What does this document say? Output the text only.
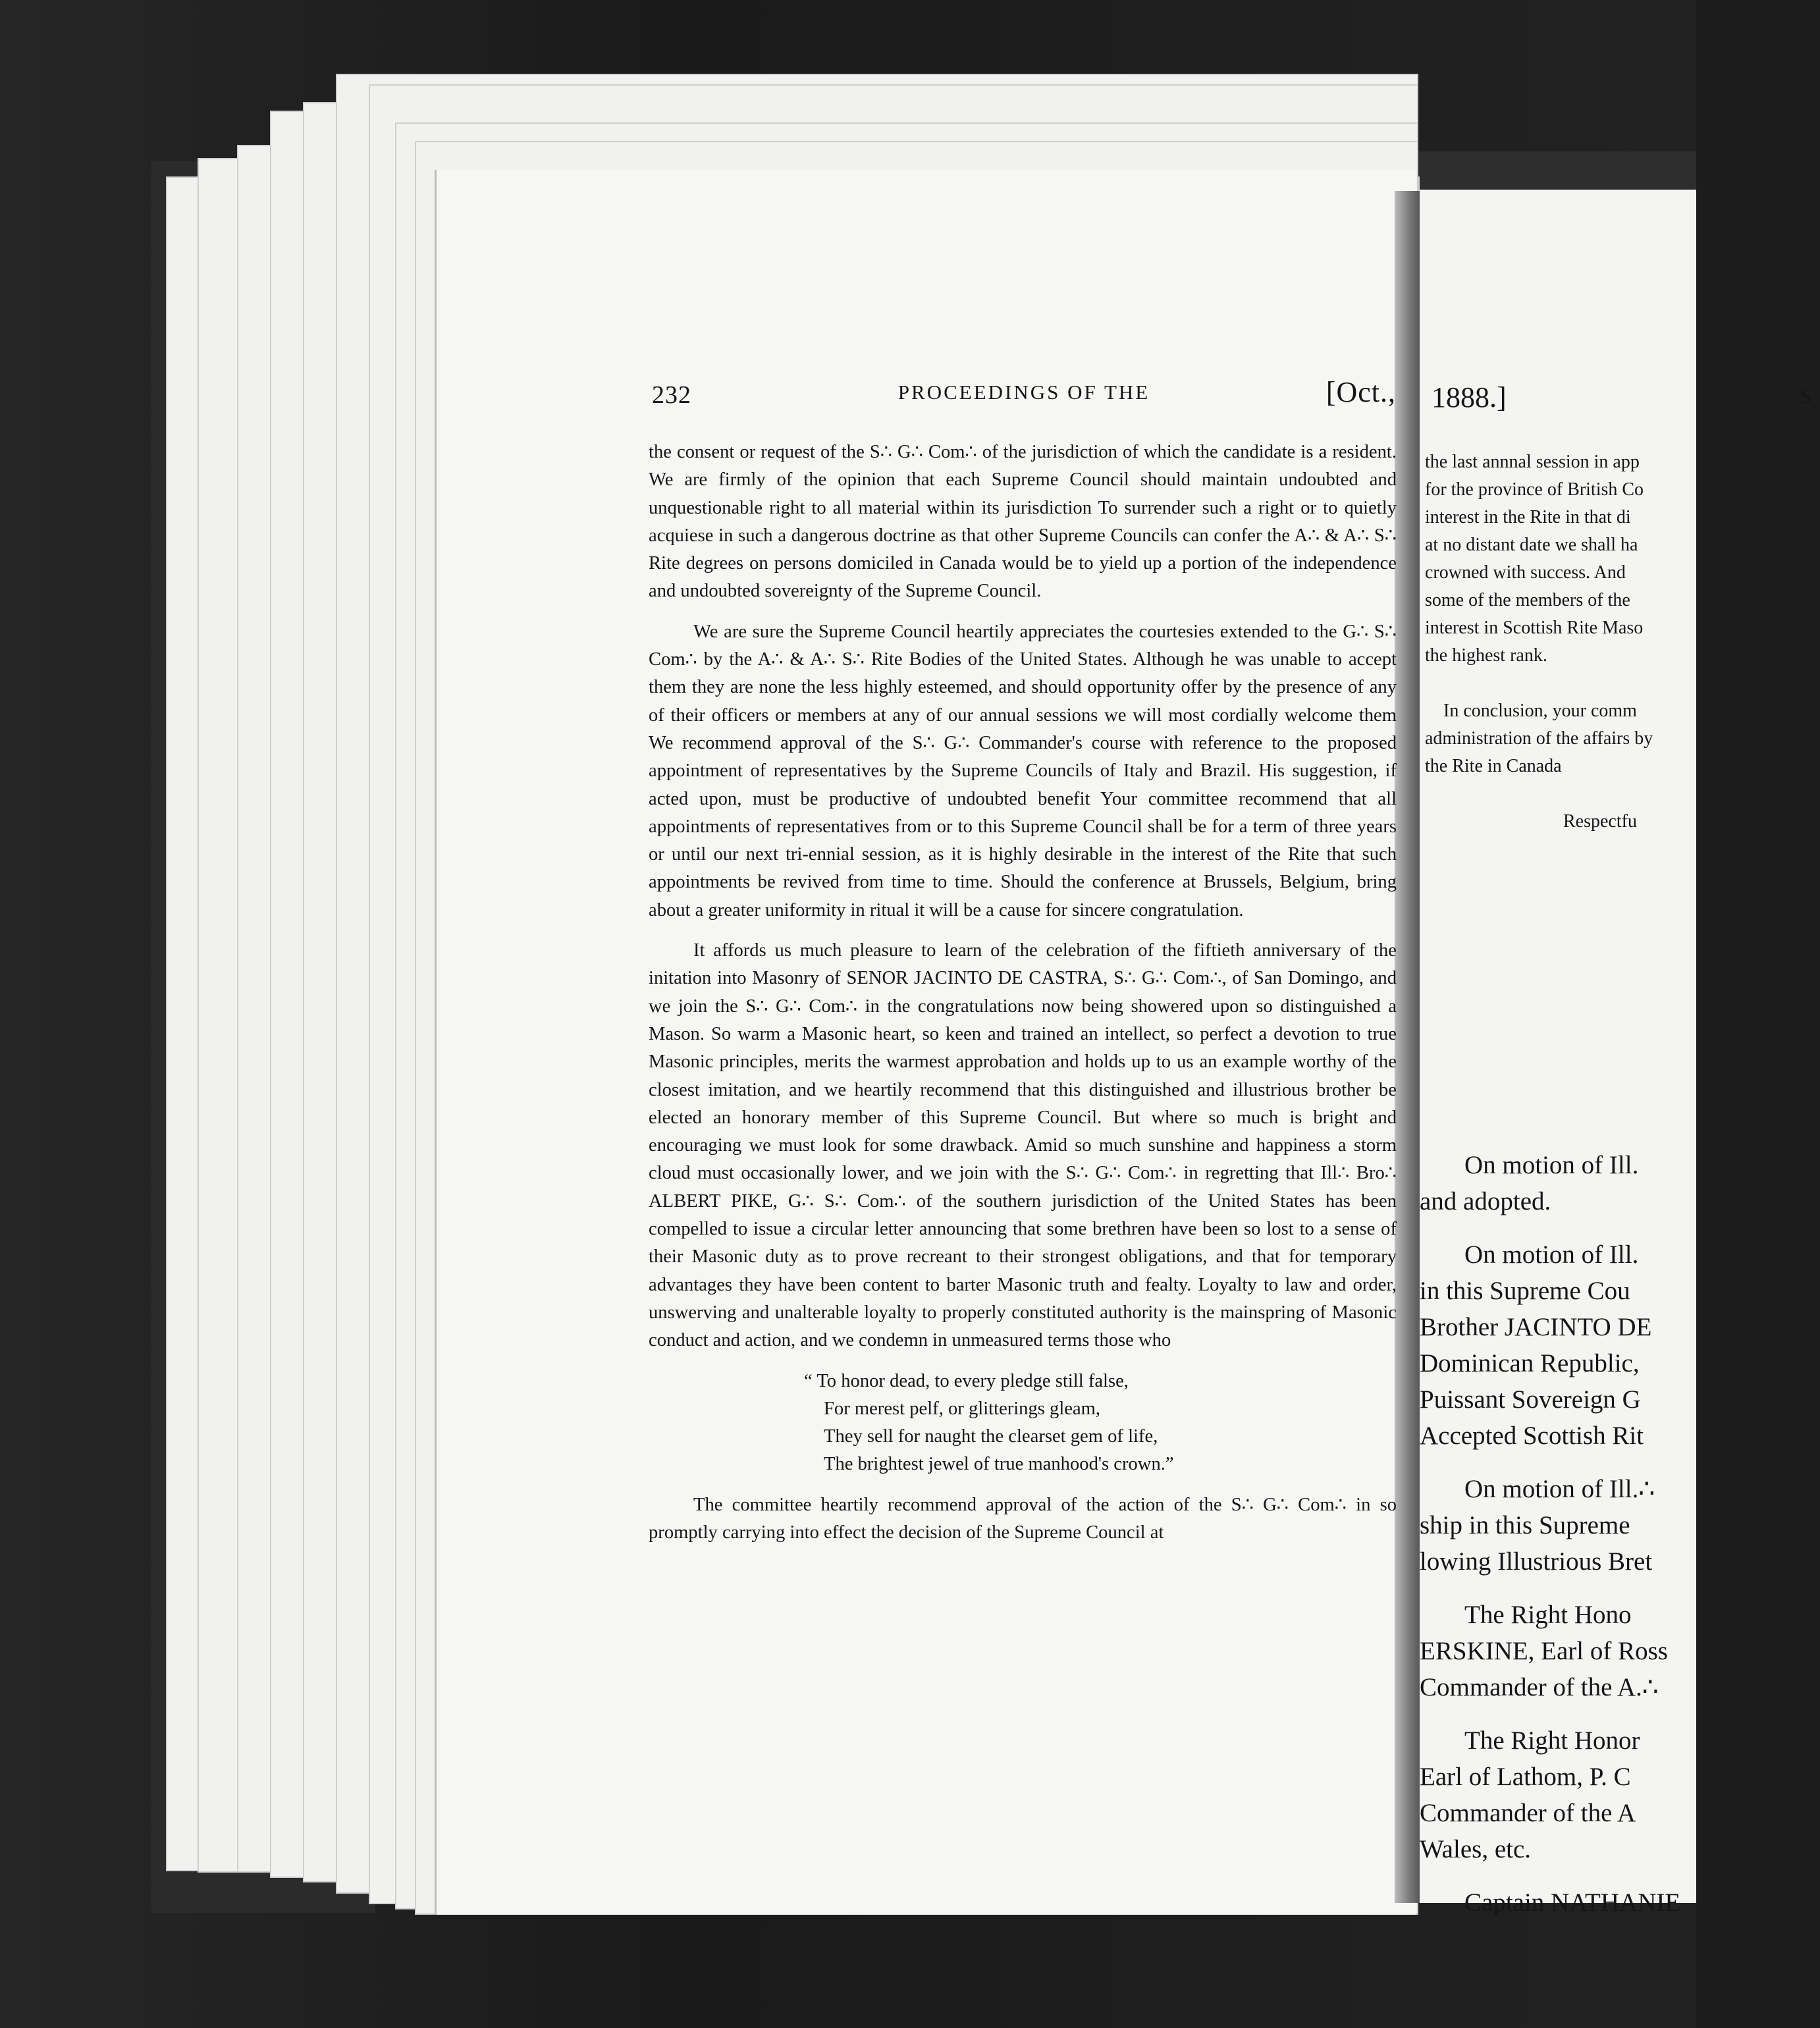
232	PROCEEDINGS OF THE	[Oct.,

the consent or request of the S∴ G∴ Com∴ of the jurisdiction of which the candidate is a resident. We are firmly of the opinion that each Supreme Council should maintain undoubted and unquestionable right to all material within its jurisdiction To surrender such a right or to quietly acquiese in such a dangerous doctrine as that other Supreme Councils can confer the A∴ & A∴ S∴ Rite degrees on persons domiciled in Canada would be to yield up a portion of the independence and undoubted sovereignty of the Supreme Council.

We are sure the Supreme Council heartily appreciates the courtesies extended to the G∴ S∴ Com∴ by the A∴ & A∴ S∴ Rite Bodies of the United States. Although he was unable to accept them they are none the less highly esteemed, and should opportunity offer by the presence of any of their officers or members at any of our annual sessions we will most cordially welcome them We recommend approval of the S∴ G∴ Commander's course with reference to the proposed appointment of representatives by the Supreme Councils of Italy and Brazil. His suggestion, if acted upon, must be productive of undoubted benefit Your committee recommend that all appointments of representatives from or to this Supreme Council shall be for a term of three years or until our next tri-ennial session, as it is highly desirable in the interest of the Rite that such appointments be revived from time to time. Should the conference at Brussels, Belgium, bring about a greater uniformity in ritual it will be a cause for sincere congratulation.

It affords us much pleasure to learn of the celebration of the fiftieth anniversary of the initation into Masonry of SENOR JACINTO DE CASTRA, S∴ G∴ Com∴, of San Domingo, and we join the S∴ G∴ Com∴ in the congratulations now being showered upon so distinguished a Mason. So warm a Masonic heart, so keen and trained an intellect, so perfect a devotion to true Masonic principles, merits the warmest approbation and holds up to us an example worthy of the closest imitation, and we heartily recommend that this distinguished and illustrious brother be elected an honorary member of this Supreme Council. But where so much is bright and encouraging we must look for some drawback. Amid so much sunshine and happiness a storm cloud must occasionally lower, and we join with the S∴ G∴ Com∴ in regretting that Ill∴ Bro∴ ALBERT PIKE, G∴ S∴ Com∴ of the southern jurisdiction of the United States has been compelled to issue a circular letter announcing that some brethren have been so lost to a sense of their Masonic duty as to prove recreant to their strongest obligations, and that for temporary advantages they have been content to barter Masonic truth and fealty. Loyalty to law and order, unswerving and unalterable loyalty to properly constituted authority is the mainspring of Masonic conduct and action, and we condemn in unmeasured terms those who

“ To honor dead, to every pledge still false,
For merest pelf, or glitterings gleam,
They sell for naught the clearset gem of life,
The brightest jewel of true manhood's crown.”

The committee heartily recommend approval of the action of the S∴ G∴ Com∴ in so promptly carrying into effect the decision of the Supreme Council at

1888.]	S
the last annnal session in app
for the province of British Co
interest in the Rite in that di
at no distant date we shall ha
crowned with success. And
some of the members of the
interest in Scottish Rite Maso
the highest rank.

In conclusion, your comm
administration of the affairs by
the Rite in Canada

Respectfu
On motion of Ill.
and adopted.

On motion of Ill.
in this Supreme Cou
Brother JACINTO DE
Dominican Republic,
Puissant Sovereign G
Accepted Scottish Rit

On motion of Ill.∴
ship in this Supreme
lowing Illustrious Bret

The Right Hono
ERSKINE, Earl of Ross
Commander of the A.∴

The Right Honor
Earl of Lathom, P. C
Commander of the A
Wales, etc.

Captain NATHANIE
